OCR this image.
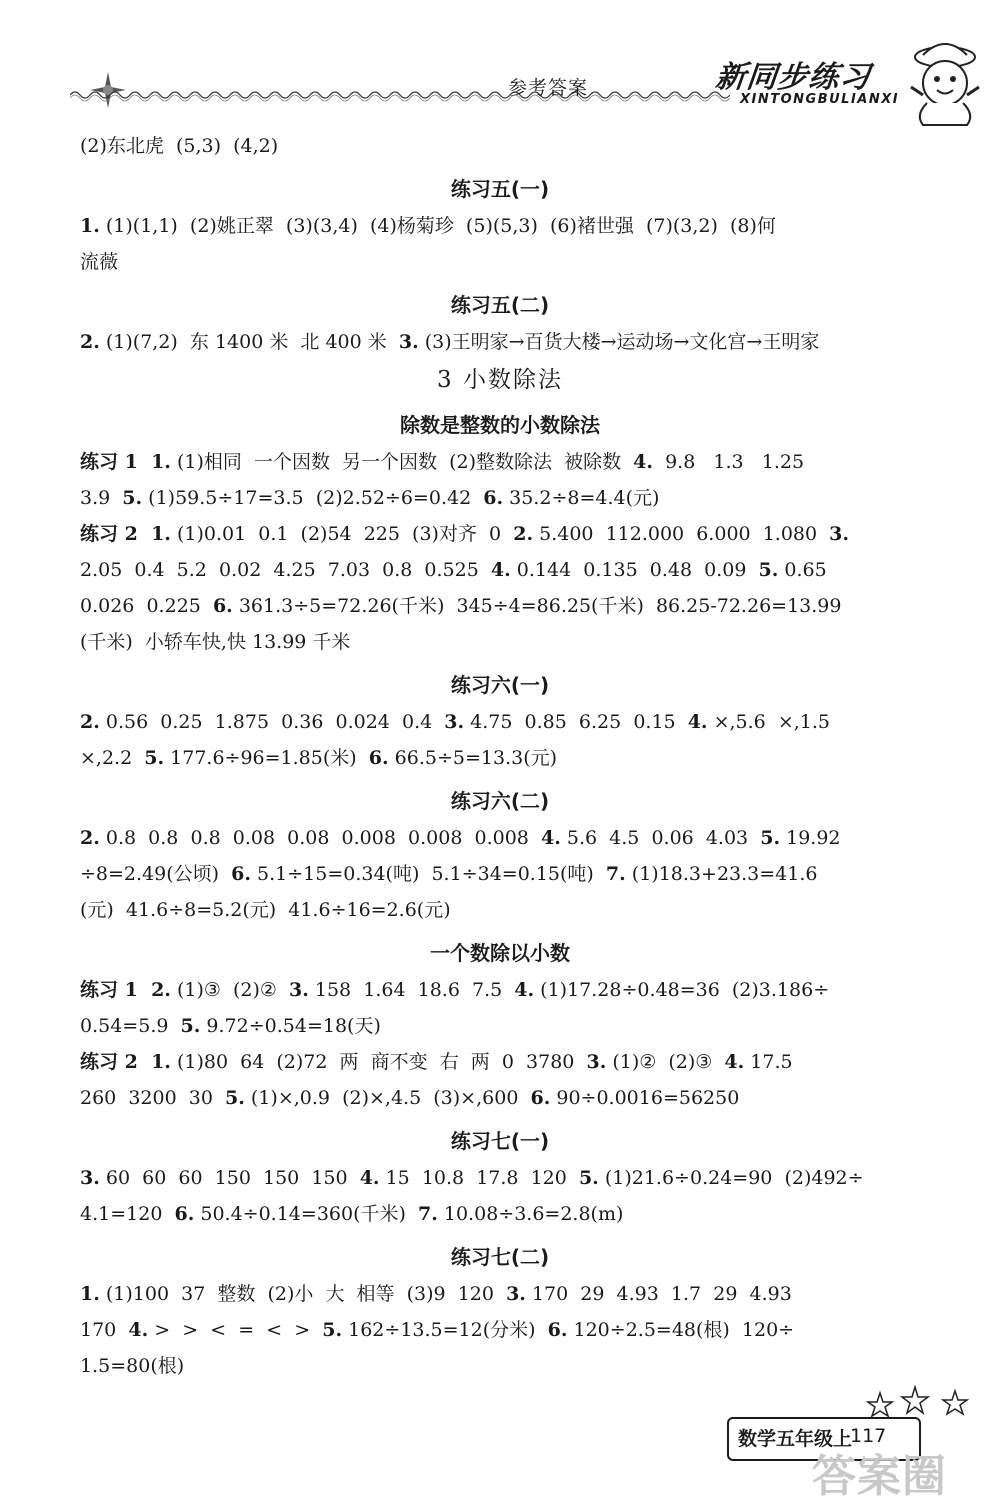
参考答案	新同步练习
XINTONGBULIANXI
(2)东北虎  (5,3)  (4,2)
练习五(一)
1. (1)(1,1)  (2)姚正翠  (3)(3,4)  (4)杨菊珍  (5)(5,3)  (6)褚世强  (7)(3,2)  (8)何
流薇
练习五(二)
2. (1)(7,2)  东 1400 米  北 400 米  3. (3)王明家→百货大楼→运动场→文化宫→王明家
3 小数除法
除数是整数的小数除法
练习 1  1. (1)相同  一个因数  另一个因数  (2)整数除法  被除数  4.  9.8   1.3   1.25
3.9  5. (1)59.5÷17=3.5  (2)2.52÷6=0.42  6. 35.2÷8=4.4(元)
练习 2  1. (1)0.01  0.1  (2)54  225  (3)对齐  0  2. 5.400  112.000  6.000  1.080  3.
2.05  0.4  5.2  0.02  4.25  7.03  0.8  0.525  4. 0.144  0.135  0.48  0.09  5. 0.65
0.026  0.225  6. 361.3÷5=72.26(千米)  345÷4=86.25(千米)  86.25-72.26=13.99
(千米)  小轿车快,快 13.99 千米
练习六(一)
2. 0.56  0.25  1.875  0.36  0.024  0.4  3. 4.75  0.85  6.25  0.15  4. ×,5.6  ×,1.5
×,2.2  5. 177.6÷96=1.85(米)  6. 66.5÷5=13.3(元)
练习六(二)
2. 0.8  0.8  0.8  0.08  0.08  0.008  0.008  0.008  4. 5.6  4.5  0.06  4.03  5. 19.92
÷8=2.49(公顷)  6. 5.1÷15=0.34(吨)  5.1÷34=0.15(吨)  7. (1)18.3+23.3=41.6
(元)  41.6÷8=5.2(元)  41.6÷16=2.6(元)
一个数除以小数
练习 1  2. (1)③  (2)②  3. 158  1.64  18.6  7.5  4. (1)17.28÷0.48=36  (2)3.186÷
0.54=5.9  5. 9.72÷0.54=18(天)
练习 2  1. (1)80  64  (2)72  两  商不变  右  两  0  3780  3. (1)②  (2)③  4. 17.5
260  3200  30  5. (1)×,0.9  (2)×,4.5  (3)×,600  6. 90÷0.0016=56250
练习七(一)
3. 60  60  60  150  150  150  4. 15  10.8  17.8  120  5. (1)21.6÷0.24=90  (2)492÷
4.1=120  6. 50.4÷0.14=360(千米)  7. 10.08÷3.6=2.8(m)
练习七(二)
1. (1)100  37  整数  (2)小  大  相等  (3)9  120  3. 170  29  4.93  1.7  29  4.93
170  4. >  >  <  =  <  >  5. 162÷13.5=12(分米)  6. 120÷2.5=48(根)  120÷
1.5=80(根)
数学五年级上
117
答案圈
